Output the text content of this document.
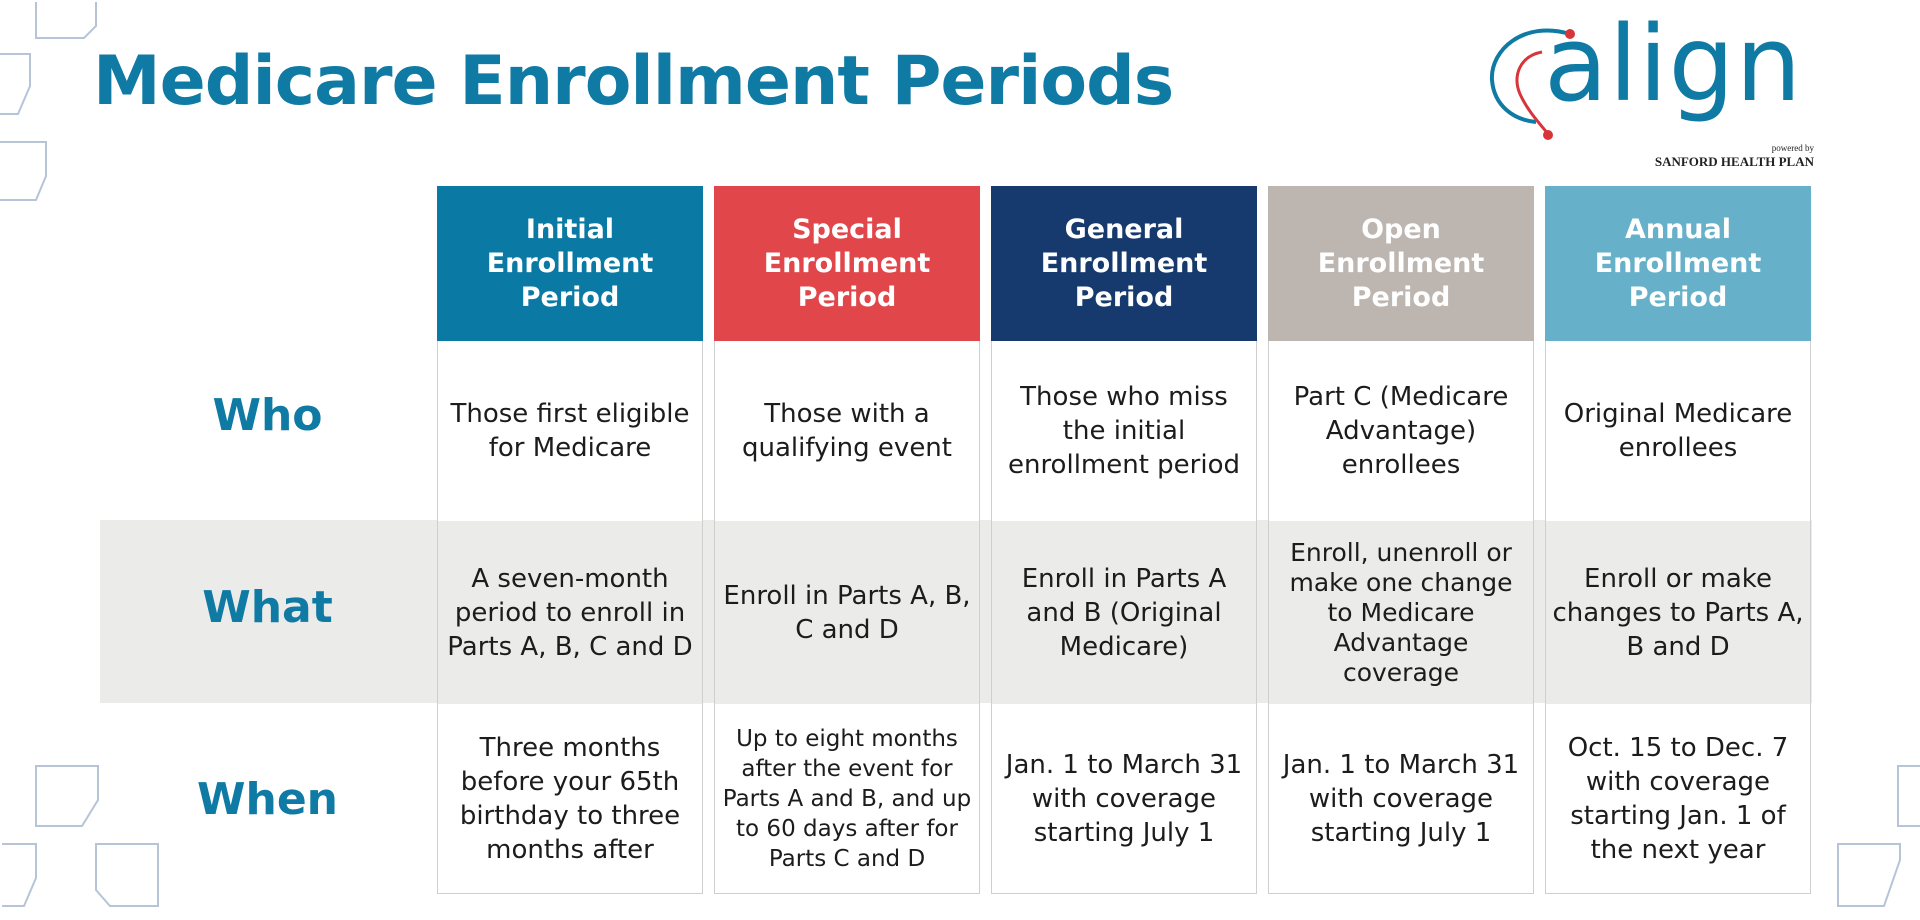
Medicare Enrollment Periods	align
powered by
SANFORD HEALTH PLAN
Who
What
When
Initial Enrollment Period
Those first eligible for Medicare
A seven-month period to enroll in Parts A, B, C and D
Three months before your 65th birthday to three months after
Special Enrollment Period
Those with a qualifying event
Enroll in Parts A, B, C and D
Up to eight months after the event for Parts A and B, and up to 60 days after for Parts C and D
General Enrollment Period
Those who miss the initial enrollment period
Enroll in Parts A and B (Original Medicare)
Jan. 1 to March 31 with coverage starting July 1
Open Enrollment Period
Part C (Medicare Advantage) enrollees
Enroll, unenroll or make one change to Medicare Advantage coverage
Jan. 1 to March 31 with coverage starting July 1
Annual Enrollment Period
Original Medicare enrollees
Enroll or make changes to Parts A, B and D
Oct. 15 to Dec. 7 with coverage starting Jan. 1 of the next year
